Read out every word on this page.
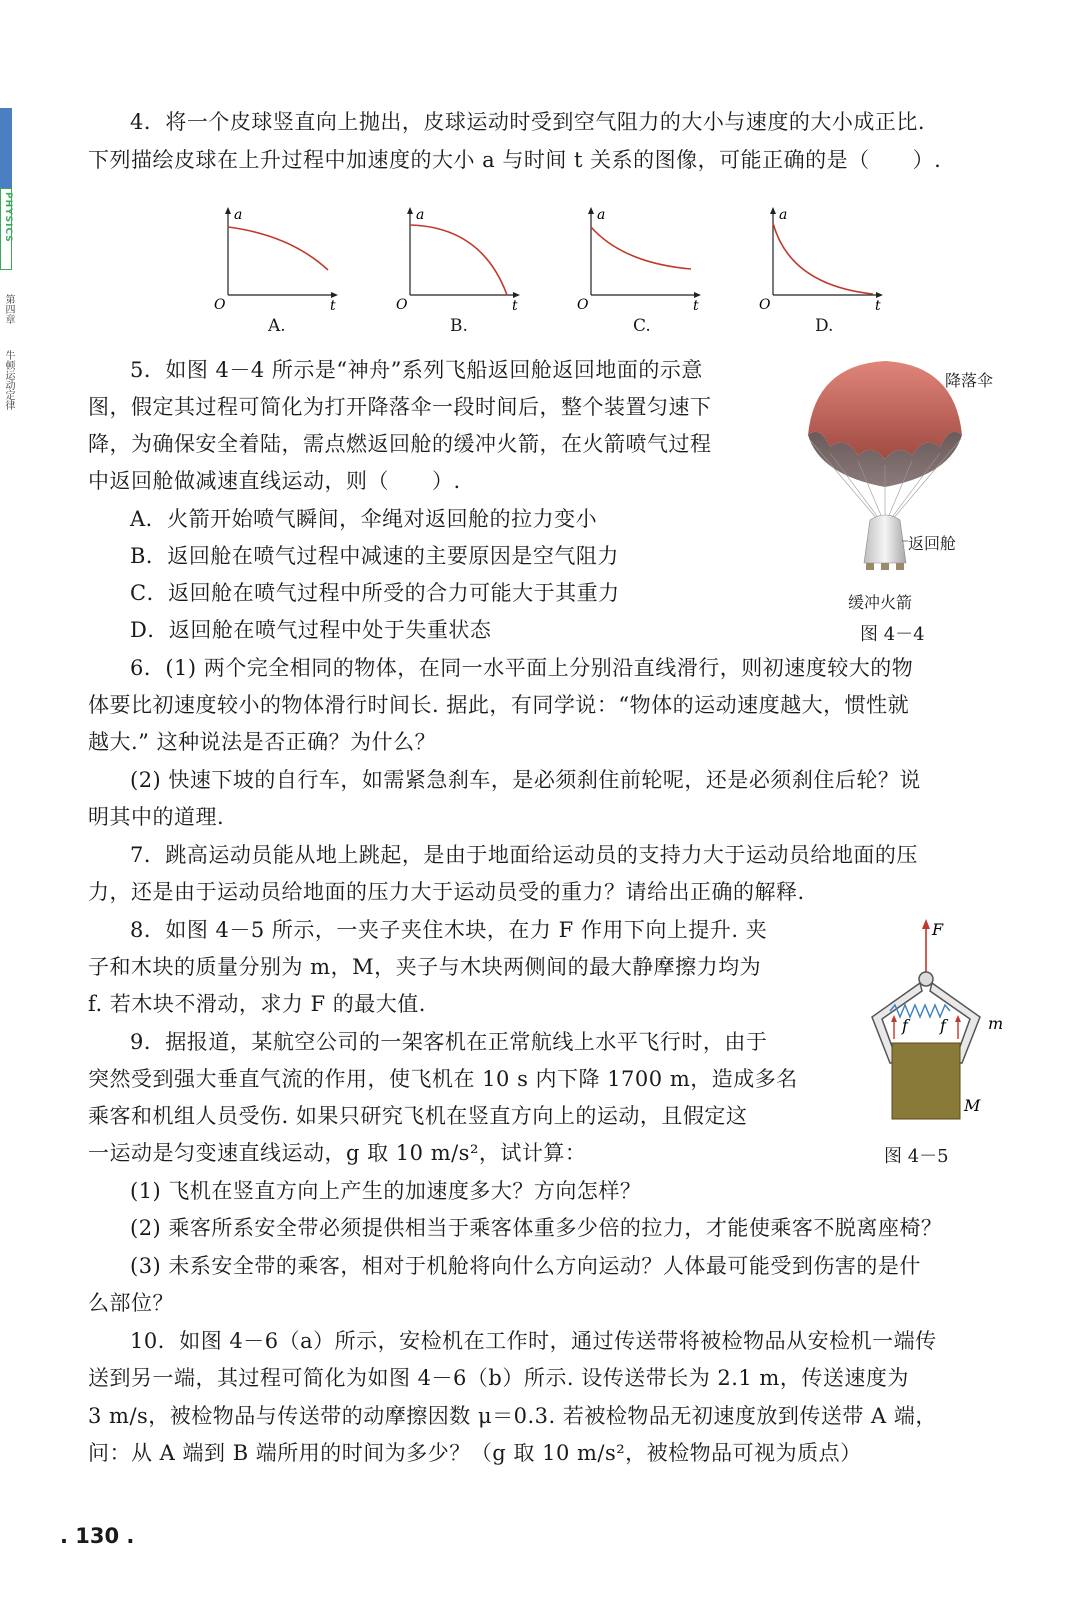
PHYSICS
第四章
牛顿运动定律
4．将一个皮球竖直向上抛出，皮球运动时受到空气阻力的大小与速度的大小成正比.
下列描绘皮球在上升过程中加速度的大小 a 与时间 t 关系的图像，可能正确的是（　　）.
a
t
O
A.
a
t
O
B.
a
t
O
C.
a
t
O
D.
5．如图 4－4 所示是“神舟”系列飞船返回舱返回地面的示意
图，假定其过程可简化为打开降落伞一段时间后，整个装置匀速下
降，为确保安全着陆，需点燃返回舱的缓冲火箭，在火箭喷气过程
中返回舱做减速直线运动，则（　　）.
A．火箭开始喷气瞬间，伞绳对返回舱的拉力变小
B．返回舱在喷气过程中减速的主要原因是空气阻力
C．返回舱在喷气过程中所受的合力可能大于其重力
D．返回舱在喷气过程中处于失重状态
降落伞
返回舱
缓冲火箭
图 4－4
6．(1) 两个完全相同的物体，在同一水平面上分别沿直线滑行，则初速度较大的物
体要比初速度较小的物体滑行时间长. 据此，有同学说：“物体的运动速度越大，惯性就
越大.” 这种说法是否正确？为什么？
(2) 快速下坡的自行车，如需紧急刹车，是必须刹住前轮呢，还是必须刹住后轮？说
明其中的道理.
7．跳高运动员能从地上跳起，是由于地面给运动员的支持力大于运动员给地面的压
力，还是由于运动员给地面的压力大于运动员受的重力？请给出正确的解释.
8．如图 4－5 所示，一夹子夹住木块，在力 F 作用下向上提升. 夹
子和木块的质量分别为 m，M，夹子与木块两侧间的最大静摩擦力均为
f. 若木块不滑动，求力 F 的最大值.
F
f f	m
M
图 4－5
9．据报道，某航空公司的一架客机在正常航线上水平飞行时，由于
突然受到强大垂直气流的作用，使飞机在 10 s 内下降 1700 m，造成多名
乘客和机组人员受伤. 如果只研究飞机在竖直方向上的运动，且假定这
一运动是匀变速直线运动，g 取 10 m/s²，试计算：
(1) 飞机在竖直方向上产生的加速度多大？方向怎样？
(2) 乘客所系安全带必须提供相当于乘客体重多少倍的拉力，才能使乘客不脱离座椅？
(3) 未系安全带的乘客，相对于机舱将向什么方向运动？人体最可能受到伤害的是什
么部位？
10．如图 4－6（a）所示，安检机在工作时，通过传送带将被检物品从安检机一端传
送到另一端，其过程可简化为如图 4－6（b）所示. 设传送带长为 2.1 m，传送速度为
3 m/s，被检物品与传送带的动摩擦因数 μ＝0.3. 若被检物品无初速度放到传送带 A 端，
问：从 A 端到 B 端所用的时间为多少？（g 取 10 m/s²，被检物品可视为质点）
. 130 .
